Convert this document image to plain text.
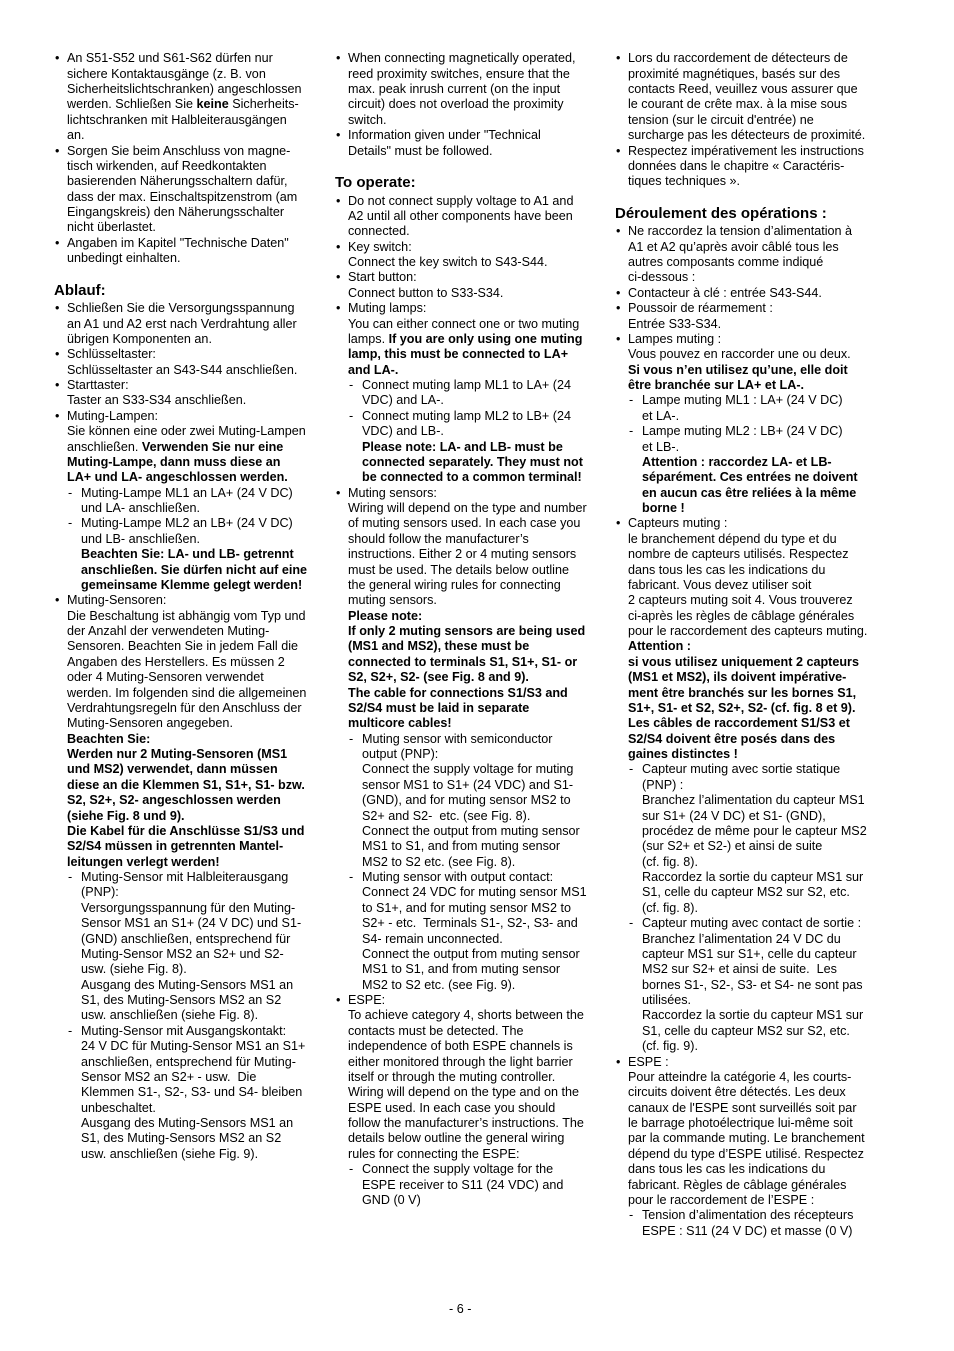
• An S51-S52 und S61-S62 dürfen nur
sichere Kontaktausgänge (z. B. von
Sicherheitslichtschranken) angeschlossen
werden. Schließen Sie keine Sicherheits-
lichtschranken mit Halbleiterausgängen
an.
• Sorgen Sie beim Anschluss von magne-
tisch wirkenden, auf Reedkontakten
basierenden Näherungsschaltern dafür,
dass der max. Einschaltspitzenstrom (am
Eingangskreis) den Näherungsschalter
nicht überlastet.
• Angaben im Kapitel "Technische Daten"
unbedingt einhalten.
Ablauf:
• Schließen Sie die Versorgungsspannung
an A1 und A2 erst nach Verdrahtung aller
übrigen Komponenten an.
• Schlüsseltaster:
Schlüsseltaster an S43-S44 anschließen.
• Starttaster:
Taster an S33-S34 anschließen.
• Muting-Lampen:
Sie können eine oder zwei Muting-Lampen
anschließen. Verwenden Sie nur eine
Muting-Lampe, dann muss diese an
LA+ und LA- angeschlossen werden.
- Muting-Lampe ML1 an LA+ (24 V DC)
und LA- anschließen.
- Muting-Lampe ML2 an LB+ (24 V DC)
und LB- anschließen.
Beachten Sie: LA- und LB- getrennt
anschließen. Sie dürfen nicht auf eine
gemeinsame Klemme gelegt werden!
• Muting-Sensoren:
Die Beschaltung ist abhängig vom Typ und
der Anzahl der verwendeten Muting-
Sensoren. Beachten Sie in jedem Fall die
Angaben des Herstellers. Es müssen 2
oder 4 Muting-Sensoren verwendet
werden. Im folgenden sind die allgemeinen
Verdrahtungsregeln für den Anschluss der
Muting-Sensoren angegeben.
Beachten Sie:
Werden nur 2 Muting-Sensoren (MS1
und MS2) verwendet, dann müssen
diese an die Klemmen S1, S1+, S1- bzw.
S2, S2+, S2- angeschlossen werden
(siehe Fig. 8 und 9).
Die Kabel für die Anschlüsse S1/S3 und
S2/S4 müssen in getrennten Mantel-
leitungen verlegt werden!
- Muting-Sensor mit Halbleiterausgang
(PNP):
Versorgungsspannung für den Muting-
Sensor MS1 an S1+ (24 V DC) und S1-
(GND) anschließen, entsprechend für
Muting-Sensor MS2 an S2+ und S2-
usw. (siehe Fig. 8).
Ausgang des Muting-Sensors MS1 an
S1, des Muting-Sensors MS2 an S2
usw. anschließen (siehe Fig. 8).
- Muting-Sensor mit Ausgangskontakt:
24 V DC für Muting-Sensor MS1 an S1+
anschließen, entsprechend für Muting-
Sensor MS2 an S2+ - usw.  Die
Klemmen S1-, S2-, S3- und S4- bleiben
unbeschaltet.
Ausgang des Muting-Sensors MS1 an
S1, des Muting-Sensors MS2 an S2
usw. anschließen (siehe Fig. 9).
• When connecting magnetically operated,
reed proximity switches, ensure that the
max. peak inrush current (on the input
circuit) does not overload the proximity
switch.
• Information given under "Technical
Details" must be followed.
To operate:
• Do not connect supply voltage to A1 and
A2 until all other components have been
connected.
• Key switch:
Connect the key switch to S43-S44.
• Start button:
Connect button to S33-S34.
• Muting lamps:
You can either connect one or two muting
lamps. If you are only using one muting
lamp, this must be connected to LA+
and LA-.
- Connect muting lamp ML1 to LA+ (24
VDC) and LA-.
- Connect muting lamp ML2 to LB+ (24
VDC) and LB-.
Please note: LA- and LB- must be
connected separately. They must not
be connected to a common terminal!
• Muting sensors:
Wiring will depend on the type and number
of muting sensors used. In each case you
should follow the manufacturer’s
instructions. Either 2 or 4 muting sensors
must be used. The details below outline
the general wiring rules for connecting
muting sensors.
Please note:
If only 2 muting sensors are being used
(MS1 and MS2), these must be
connected to terminals S1, S1+, S1- or
S2, S2+, S2- (see Fig. 8 and 9).
The cable for connections S1/S3 and
S2/S4 must be laid in separate
multicore cables!
- Muting sensor with semiconductor
output (PNP):
Connect the supply voltage for muting
sensor MS1 to S1+ (24 VDC) and S1-
(GND), and for muting sensor MS2 to
S2+ and S2-  etc. (see Fig. 8).
Connect the output from muting sensor
MS1 to S1, and from muting sensor
MS2 to S2 etc. (see Fig. 8).
- Muting sensor with output contact:
Connect 24 VDC for muting sensor MS1
to S1+, and for muting sensor MS2 to
S2+ - etc.  Terminals S1-, S2-, S3- and
S4- remain unconnected.
Connect the output from muting sensor
MS1 to S1, and from muting sensor
MS2 to S2 etc. (see Fig. 9).
• ESPE:
To achieve category 4, shorts between the
contacts must be detected. The
independence of both ESPE channels is
either monitored through the light barrier
itself or through the muting controller.
Wiring will depend on the type and on the
ESPE used. In each case you should
follow the manufacturer’s instructions. The
details below outline the general wiring
rules for connecting the ESPE:
- Connect the supply voltage for the
ESPE receiver to S11 (24 VDC) and
GND (0 V)
• Lors du raccordement de détecteurs de
proximité magnétiques, basés sur des
contacts Reed, veuillez vous assurer que
le courant de crête max. à la mise sous
tension (sur le circuit d'entrée) ne
surcharge pas les détecteurs de proximité.
• Respectez impérativement les instructions
données dans le chapitre « Caractéris-
tiques techniques ».
Déroulement des opérations :
• Ne raccordez la tension d’alimentation à
A1 et A2 qu’après avoir câblé tous les
autres composants comme indiqué
ci-dessous :
• Contacteur à clé : entrée S43-S44.
• Poussoir de réarmement :
Entrée S33-S34.
• Lampes muting :
Vous pouvez en raccorder une ou deux.
Si vous n’en utilisez qu’une, elle doit
être branchée sur LA+ et LA-.
- Lampe muting ML1 : LA+ (24 V DC)
et LA-.
- Lampe muting ML2 : LB+ (24 V DC)
et LB-.
Attention : raccordez LA- et LB-
séparément. Ces entrées ne doivent
en aucun cas être reliées à la même
borne !
• Capteurs muting :
le branchement dépend du type et du
nombre de capteurs utilisés. Respectez
dans tous les cas les indications du
fabricant. Vous devez utiliser soit
2 capteurs muting soit 4. Vous trouverez
ci-après les règles de câblage générales
pour le raccordement des capteurs muting.
Attention :
si vous utilisez uniquement 2 capteurs
(MS1 et MS2), ils doivent impérative-
ment être branchés sur les bornes S1,
S1+, S1- et S2, S2+, S2- (cf. fig. 8 et 9).
Les câbles de raccordement S1/S3 et
S2/S4 doivent être posés dans des
gaines distinctes !
- Capteur muting avec sortie statique
(PNP) :
Branchez l’alimentation du capteur MS1
sur S1+ (24 V DC) et S1- (GND),
procédez de même pour le capteur MS2
(sur S2+ et S2-) et ainsi de suite
(cf. fig. 8).
Raccordez la sortie du capteur MS1 sur
S1, celle du capteur MS2 sur S2, etc.
(cf. fig. 8).
- Capteur muting avec contact de sortie :
Branchez l’alimentation 24 V DC du
capteur MS1 sur S1+, celle du capteur
MS2 sur S2+ et ainsi de suite.  Les
bornes S1-, S2-, S3- et S4- ne sont pas
utilisées.
Raccordez la sortie du capteur MS1 sur
S1, celle du capteur MS2 sur S2, etc.
(cf. fig. 9).
• ESPE :
Pour atteindre la catégorie 4, les courts-
circuits doivent être détectés. Les deux
canaux de l'ESPE sont surveillés soit par
le barrage photoélectrique lui-même soit
par la commande muting. Le branchement
dépend du type d’ESPE utilisé. Respectez
dans tous les cas les indications du
fabricant. Règles de câblage générales
pour le raccordement de l’ESPE :
- Tension d’alimentation des récepteurs
ESPE : S11 (24 V DC) et masse (0 V)
- 6 -
